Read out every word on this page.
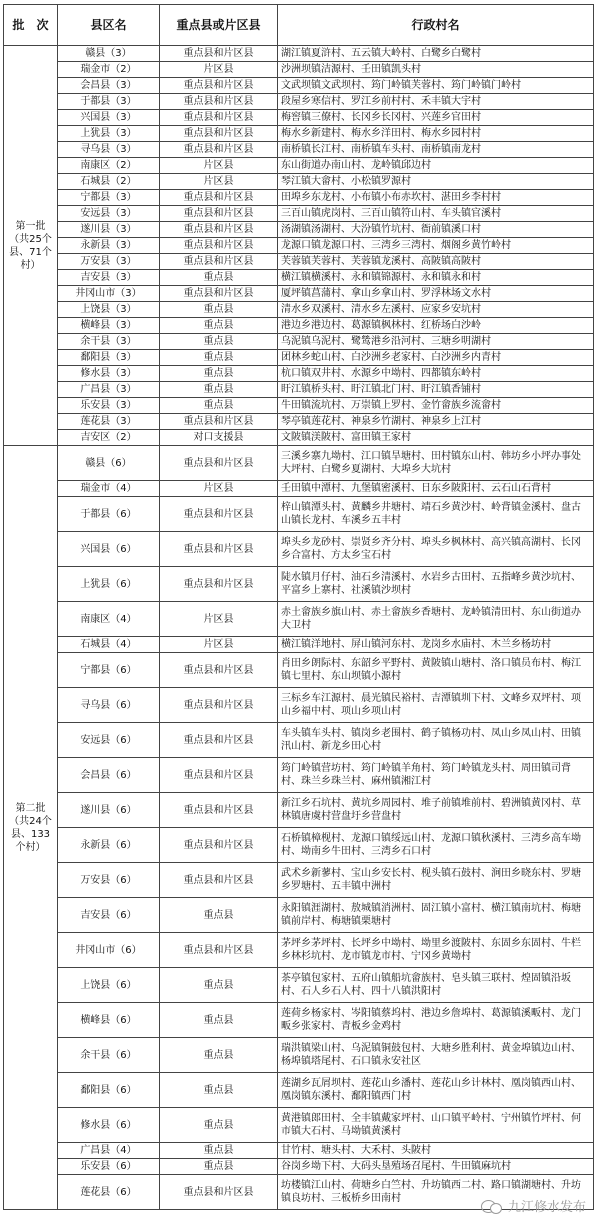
批　次	县区名	重点县或片区县	行政村名
第一批（共25个县、71个村）	赣县（3）	重点县和片区县	湖江镇夏浒村、五云镇大岭村、白鹭乡白鹭村
	瑞金市（2）	片区县	沙洲坝镇洁源村、壬田镇凯头村
	会昌县（3）	重点县和片区县	文武坝镇文武坝村、筠门岭镇芙蓉村、筠门岭镇门岭村
	于都县（3）	重点县和片区县	段屋乡寒信村、罗江乡前村村、禾丰镇大宇村
	兴国县（3）	重点县和片区县	梅窖镇三僚村、长冈乡长冈村、兴莲乡官田村
	上犹县（3）	重点县和片区县	梅水乡新建村、梅水乡洋田村、梅水乡园村村
	寻乌县（3）	重点县和片区县	南桥镇长江村、南桥镇车头村、南桥镇南龙村
	南康区（2）	片区县	东山街道办南山村、龙岭镇邱边村
	石城县（2）	片区县	琴江镇大畲村、小松镇罗源村
	宁都县（3）	重点县和片区县	田埠乡东龙村、小布镇小布赤坎村、湛田乡李村村
	安远县（3）	重点县和片区县	三百山镇虎岗村、三百山镇符山村、车头镇官溪村
	遂川县（3）	重点县和片区县	汤湖镇汤湖村、大汾镇竹坑村、衙前镇溪口村
	永新县（3）	重点县和片区县	龙源口镇龙源口村、三湾乡三湾村、烟阁乡黄竹岭村
	万安县（3）	重点县和片区县	芙蓉镇芙蓉村、芙蓉镇龙溪村、高陂镇高陂村
	吉安县（3）	重点县	横江镇横溪村、永和镇锦源村、永和镇永和村
	井冈山市（3）	重点县和片区县	厦坪镇菖蒲村、拿山乡拿山村、罗浮林场文水村
	上饶县（3）	重点县	清水乡双溪村、清水乡左溪村、应家乡安坑村
	横峰县（3）	重点县	港边乡港边村、葛源镇枫林村、红桥场白沙岭
	余干县（3）	重点县	乌泥镇乌泥村、鹭鸶港乡沿河村、三塘乡明湖村
	鄱阳县（3）	重点县	团林乡蛇山村、白沙洲乡老家村、白沙洲乡内青村
	修水县（3）	重点县	杭口镇双井村、水源乡中坳村、四都镇东岭村
	广昌县（3）	重点县	盱江镇桥头村、盱江镇北门村、盱江镇香铺村
	乐安县（3）	重点县	牛田镇流坑村、万崇镇上罗村、金竹畲族乡流畲村
	莲花县（3）	重点县和片区县	琴亭镇莲花村、神泉乡竹湖村、神泉乡上江村
	吉安区（2）	对口支援县	文陂镇渼陂村、富田镇王家村
第二批（共24个县、133个村）	赣县（6）	重点县和片区县	三溪乡寨九坳村、江口镇旱塘村、田村镇东山村、韩坊乡小坪办事处大坪村、白鹭乡夏湖村、大埠乡大坑村
	瑞金市（4）	片区县	壬田镇中潭村、九堡镇密溪村、日东乡陂阳村、云石山石背村
	于都县（6）	重点县和片区县	梓山镇潭头村、黄麟乡井塘村、靖石乡黄沙村、岭背镇金溪村、盘古山镇长龙村、车溪乡五丰村
	兴国县（6）	重点县和片区县	埠头乡龙砂村、崇贤乡齐分村、埠头乡枫林村、高兴镇高湖村、长冈乡合富村、方太乡宝石村
	上犹县（6）	重点县和片区县	陡水镇月仔村、油石乡清溪村、水岩乡古田村、五指峰乡黄沙坑村、平富乡上寨村、社溪镇沙坝村
	南康区（4）	片区县	赤土畲族乡旗山村、赤土畲族乡香塘村、龙岭镇清田村、东山街道办大卫村
	石城县（4）	片区县	横江镇洋地村、屏山镇河东村、龙岗乡水庙村、木兰乡杨坊村
	宁都县（6）	重点县和片区县	肖田乡朗际村、东韶乡平野村、黄陂镇山塘村、洛口镇员布村、梅江镇七里村、东山坝镇小源村
	寻乌县（6）	重点县和片区县	三标乡车江源村、晨光镇民裕村、吉潭镇圳下村、文峰乡双坪村、项山乡福中村、项山乡项山村
	安远县（6）	重点县和片区县	车头镇车头村、镇岗乡老围村、鹤子镇杨功村、凤山乡凤山村、田镇汛山村、新龙乡田心村
	会昌县（6）	重点县和片区县	筠门岭镇营坊村、筠门岭镇羊角村、筠门岭镇龙头村、周田镇司背村、珠兰乡珠兰村、麻州镇湘江村
	遂川县（6）	重点县和片区县	新江乡石坑村、黄坑乡周园村、堆子前镇堆前村、碧洲镇黄冈村、草林镇唐虞村营盘圩乡营盘村
	永新县（6）	重点县和片区县	石桥镇樟枧村、龙源口镇绥远山村、龙源口镇秋溪村、三湾乡高车坳村、坳南乡牛田村、三湾乡石口村
	万安县（6）	重点县和片区县	武术乡新蓼村、宝山乡安长村、枧头镇石鼓村、涧田乡晓东村、罗塘乡罗塘村、五丰镇中洲村
	吉安县（6）	重点县	永阳镇涯湖村、敖城镇消洲村、固江镇小富村、横江镇南坑村、梅塘镇前岸村、梅塘镇栗塘村
	井冈山市（6）	重点县和片区县	茅坪乡茅坪村、长坪乡中坳村、坳里乡渡陂村、东固乡东固村、牛栏乡林杉坑村、龙市镇龙市村、宁冈乡黄坳村
	上饶县（6）	重点县	茶亭镇包家村、五府山镇船坑畲族村、皂头镇三联村、煌固镇沿坂村、石人乡石人村、四十八镇洪阳村
	横峰县（6）	重点县	莲荷乡杨家村、岑阳镇蔡坞村、港边乡詹埠村、葛源镇溪畈村、龙门畈乡张家村、青板乡金鸡村
	余干县（6）	重点县	瑞洪镇梁山村、乌泥镇铜鼓包村、大塘乡胜利村、黄金埠镇边山村、杨埠镇塔尾村、石口镇永安社区
	鄱阳县（6）	重点县	莲湖乡瓦屑坝村、莲花山乡潘村、莲花山乡计林村、凰岗镇西山村、凰岗镇东溪村、鄱阳镇西门村
	修水县（6）	重点县	黄港镇郎田村、全丰镇戴家坪村、山口镇平岭村、宁州镇竹坪村、何市镇大石村、马坳镇黄溪村
	广昌县（4）	重点县	甘竹村、塘头村、大禾村、头陂村
	乐安县（6）	重点县	谷岗乡坳下村、大码头垦殖场召尾村、牛田镇麻坑村
	莲花县（6）	重点县和片区县	坊楼镇江山村、荷塘乡白竺村、升坊镇西二村、路口镇湖塘村、升坊镇良坊村、三板桥乡田南村
九江修水发布
